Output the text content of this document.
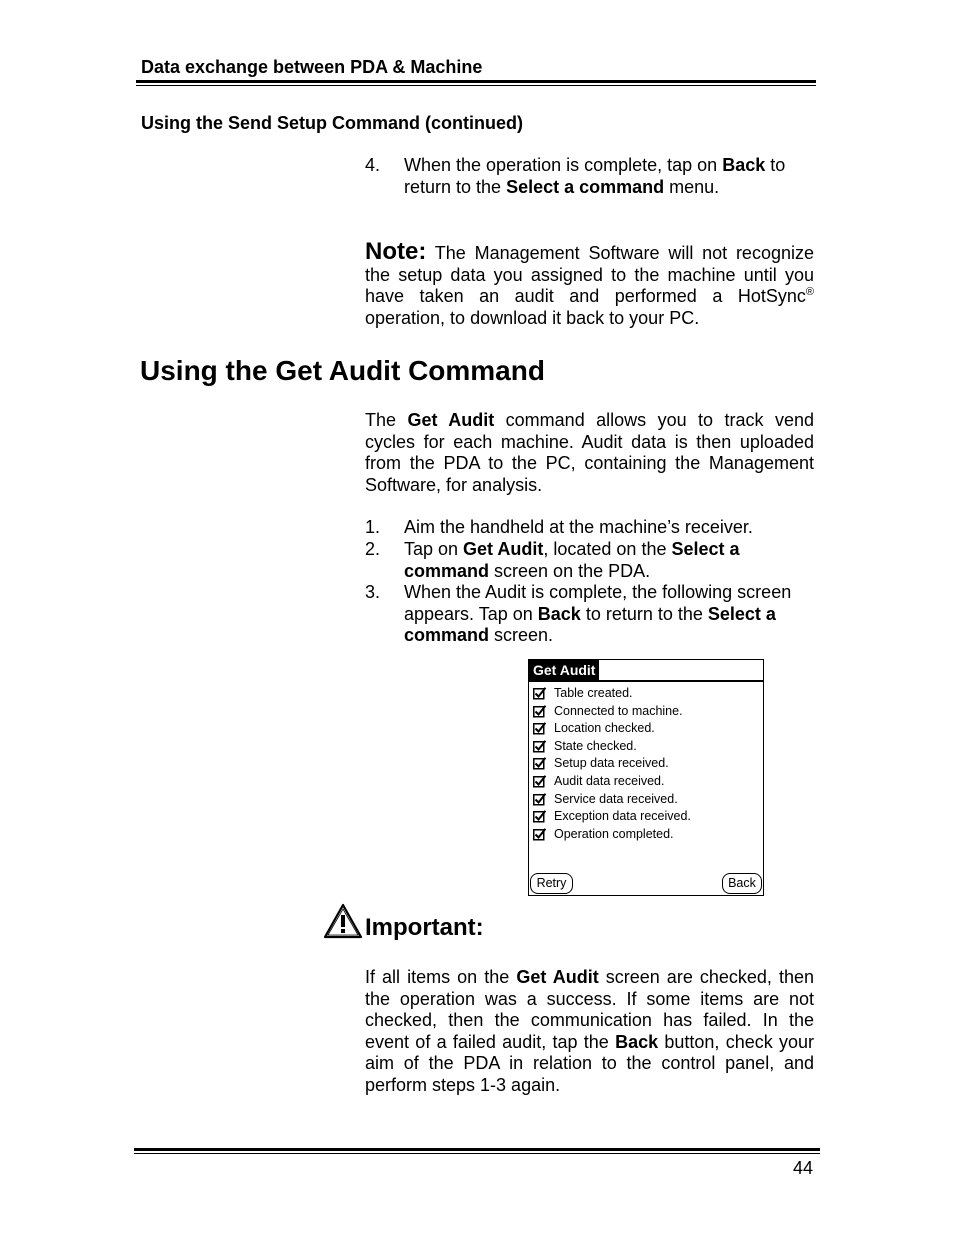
Data exchange between PDA & Machine
Using the Send Setup Command (continued)
4. When the operation is complete, tap on Back to return to the Select a command menu.
Note: The Management Software will not recognize the setup data you assigned to the machine until you have taken an audit and performed a HotSync® operation, to download it back to your PC.
Using the Get Audit Command
The Get Audit command allows you to track vend cycles for each machine. Audit data is then uploaded from the PDA to the PC, containing the Management Software, for analysis.
1. Aim the handheld at the machine’s receiver.
2. Tap on Get Audit, located on the Select a command screen on the PDA.
3. When the Audit is complete, the following screen appears. Tap on Back to return to the Select a command screen.
Get Audit
Table created.
Connected to machine.
Location checked.
State checked.
Setup data received.
Audit data received.
Service data received.
Exception data received.
Operation completed.
Retry	Back
Important:
If all items on the Get Audit screen are checked, then the operation was a success. If some items are not checked, then the communication has failed. In the event of a failed audit, tap the Back button, check your aim of the PDA in relation to the control panel, and perform steps 1-3 again.
44
